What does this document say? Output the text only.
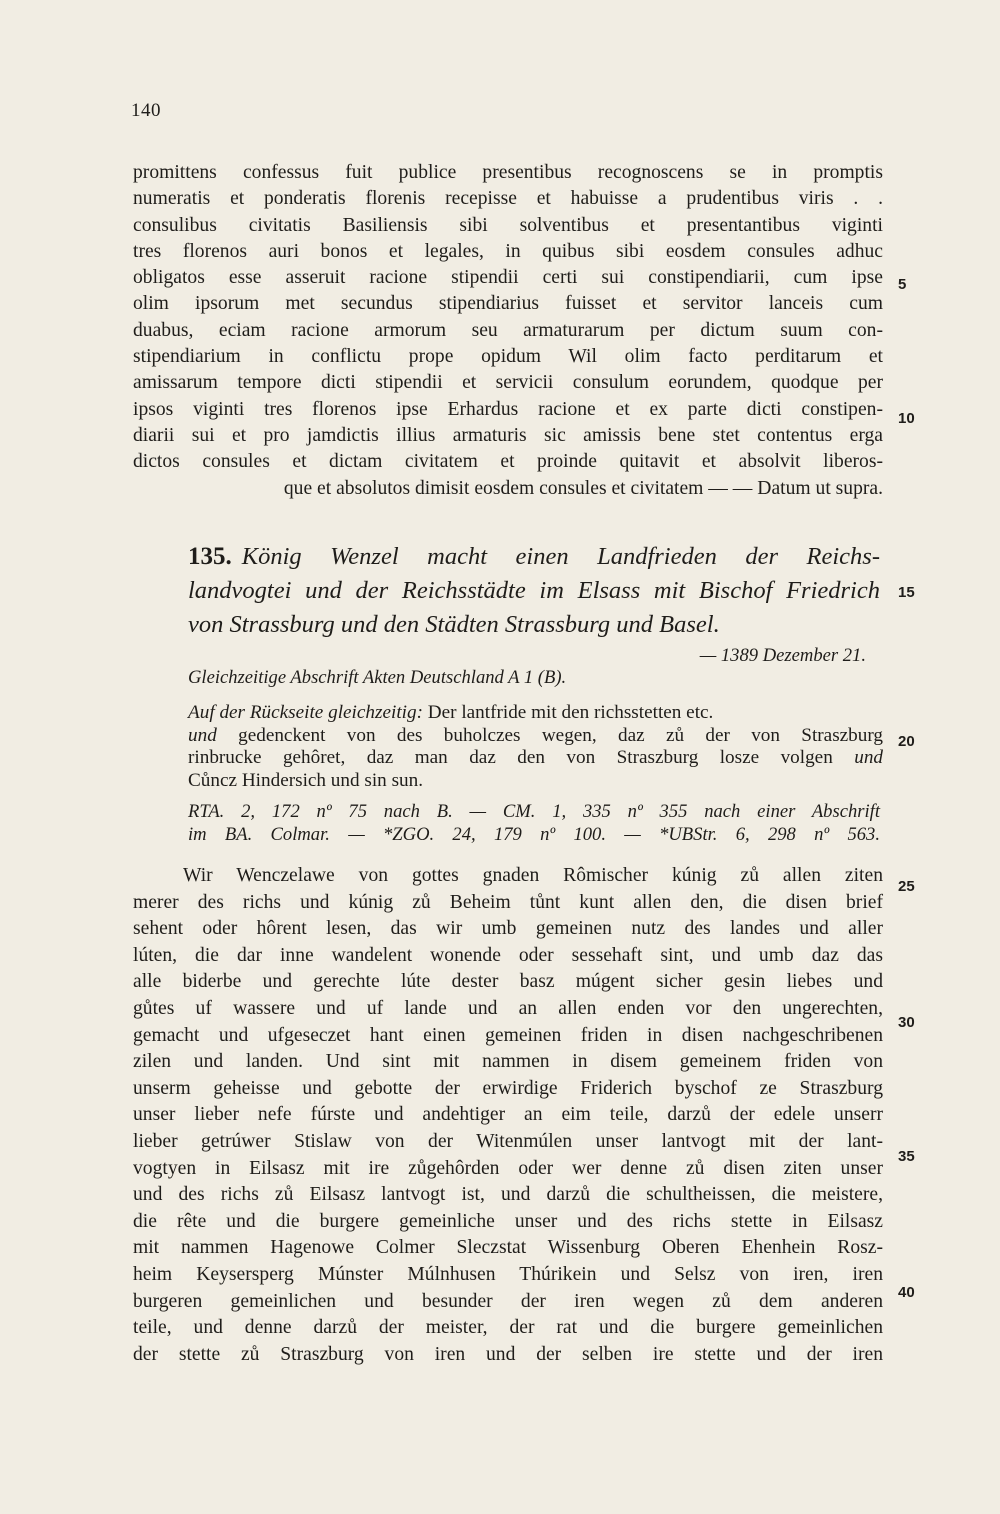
140
promittens confessus fuit publice presentibus recognoscens se in promptis
numeratis et ponderatis florenis recepisse et habuisse a prudentibus viris . .
consulibus civitatis Basiliensis sibi solventibus et presentantibus viginti
tres florenos auri bonos et legales, in quibus sibi eosdem consules adhuc
obligatos esse asseruit racione stipendii certi sui constipendiarii, cum ipse
olim ipsorum met secundus stipendiarius fuisset et servitor lanceis cum
duabus, eciam racione armorum seu armaturarum per dictum suum con-
stipendiarium in conflictu prope opidum Wil olim facto perditarum et
amissarum tempore dicti stipendii et servicii consulum eorundem, quodque per
ipsos viginti tres florenos ipse Erhardus racione et ex parte dicti constipen-
diarii sui et pro jamdictis illius armaturis sic amissis bene stet contentus erga
dictos consules et dictam civitatem et proinde quitavit et absolvit liberos-
que et absolutos dimisit eosdem consules et civitatem — — Datum ut supra.
135. König Wenzel macht einen Landfrieden der Reichs-
landvogtei und der Reichsstädte im Elsass mit Bischof Friedrich
von Strassburg und den Städten Strassburg und Basel.
— 1389 Dezember 21.
Gleichzeitige Abschrift Akten Deutschland A 1 (B).
Auf der Rückseite gleichzeitig: Der lantfride mit den richsstetten etc.
und gedenckent von des buholczes wegen, daz zů der von Straszburg
rinbrucke gehôret, daz man daz den von Straszburg losze volgen und
Cůncz Hindersich und sin sun.
RTA. 2, 172 nº 75 nach B. — CM. 1, 335 nº 355 nach einer Abschrift
im BA. Colmar. — *ZGO. 24, 179 nº 100. — *UBStr. 6, 298 nº 563.
Wir Wenczelawe von gottes gnaden Rômischer kúnig zů allen ziten
merer des richs und kúnig zů Beheim tůnt kunt allen den, die disen brief
sehent oder hôrent lesen, das wir umb gemeinen nutz des landes und aller
lúten, die dar inne wandelent wonende oder sessehaft sint, und umb daz das
alle biderbe und gerechte lúte dester basz múgent sicher gesin liebes und
gůtes uf wassere und uf lande und an allen enden vor den ungerechten,
gemacht und ufgeseczet hant einen gemeinen friden in disen nachgeschribenen
zilen und landen. Und sint mit nammen in disem gemeinem friden von
unserm geheisse und gebotte der erwirdige Friderich byschof ze Straszburg
unser lieber nefe fúrste und andehtiger an eim teile, darzů der edele unserr
lieber getrúwer Stislaw von der Witenmúlen unser lantvogt mit der lant-
vogtyen in Eilsasz mit ire zůgehôrden oder wer denne zů disen ziten unser
und des richs zů Eilsasz lantvogt ist, und darzů die schultheissen, die meistere,
die rête und die burgere gemeinliche unser und des richs stette in Eilsasz
mit nammen Hagenowe Colmer Sleczstat Wissenburg Oberen Ehenhein Rosz-
heim Keysersperg Múnster Múlnhusen Thúrikein und Selsz von iren, iren
burgeren gemeinlichen und besunder der iren wegen zů dem anderen
teile, und denne darzů der meister, der rat und die burgere gemeinlichen
der stette zů Straszburg von iren und der selben ire stette und der iren
5
10
15
20
25
30
35
40
